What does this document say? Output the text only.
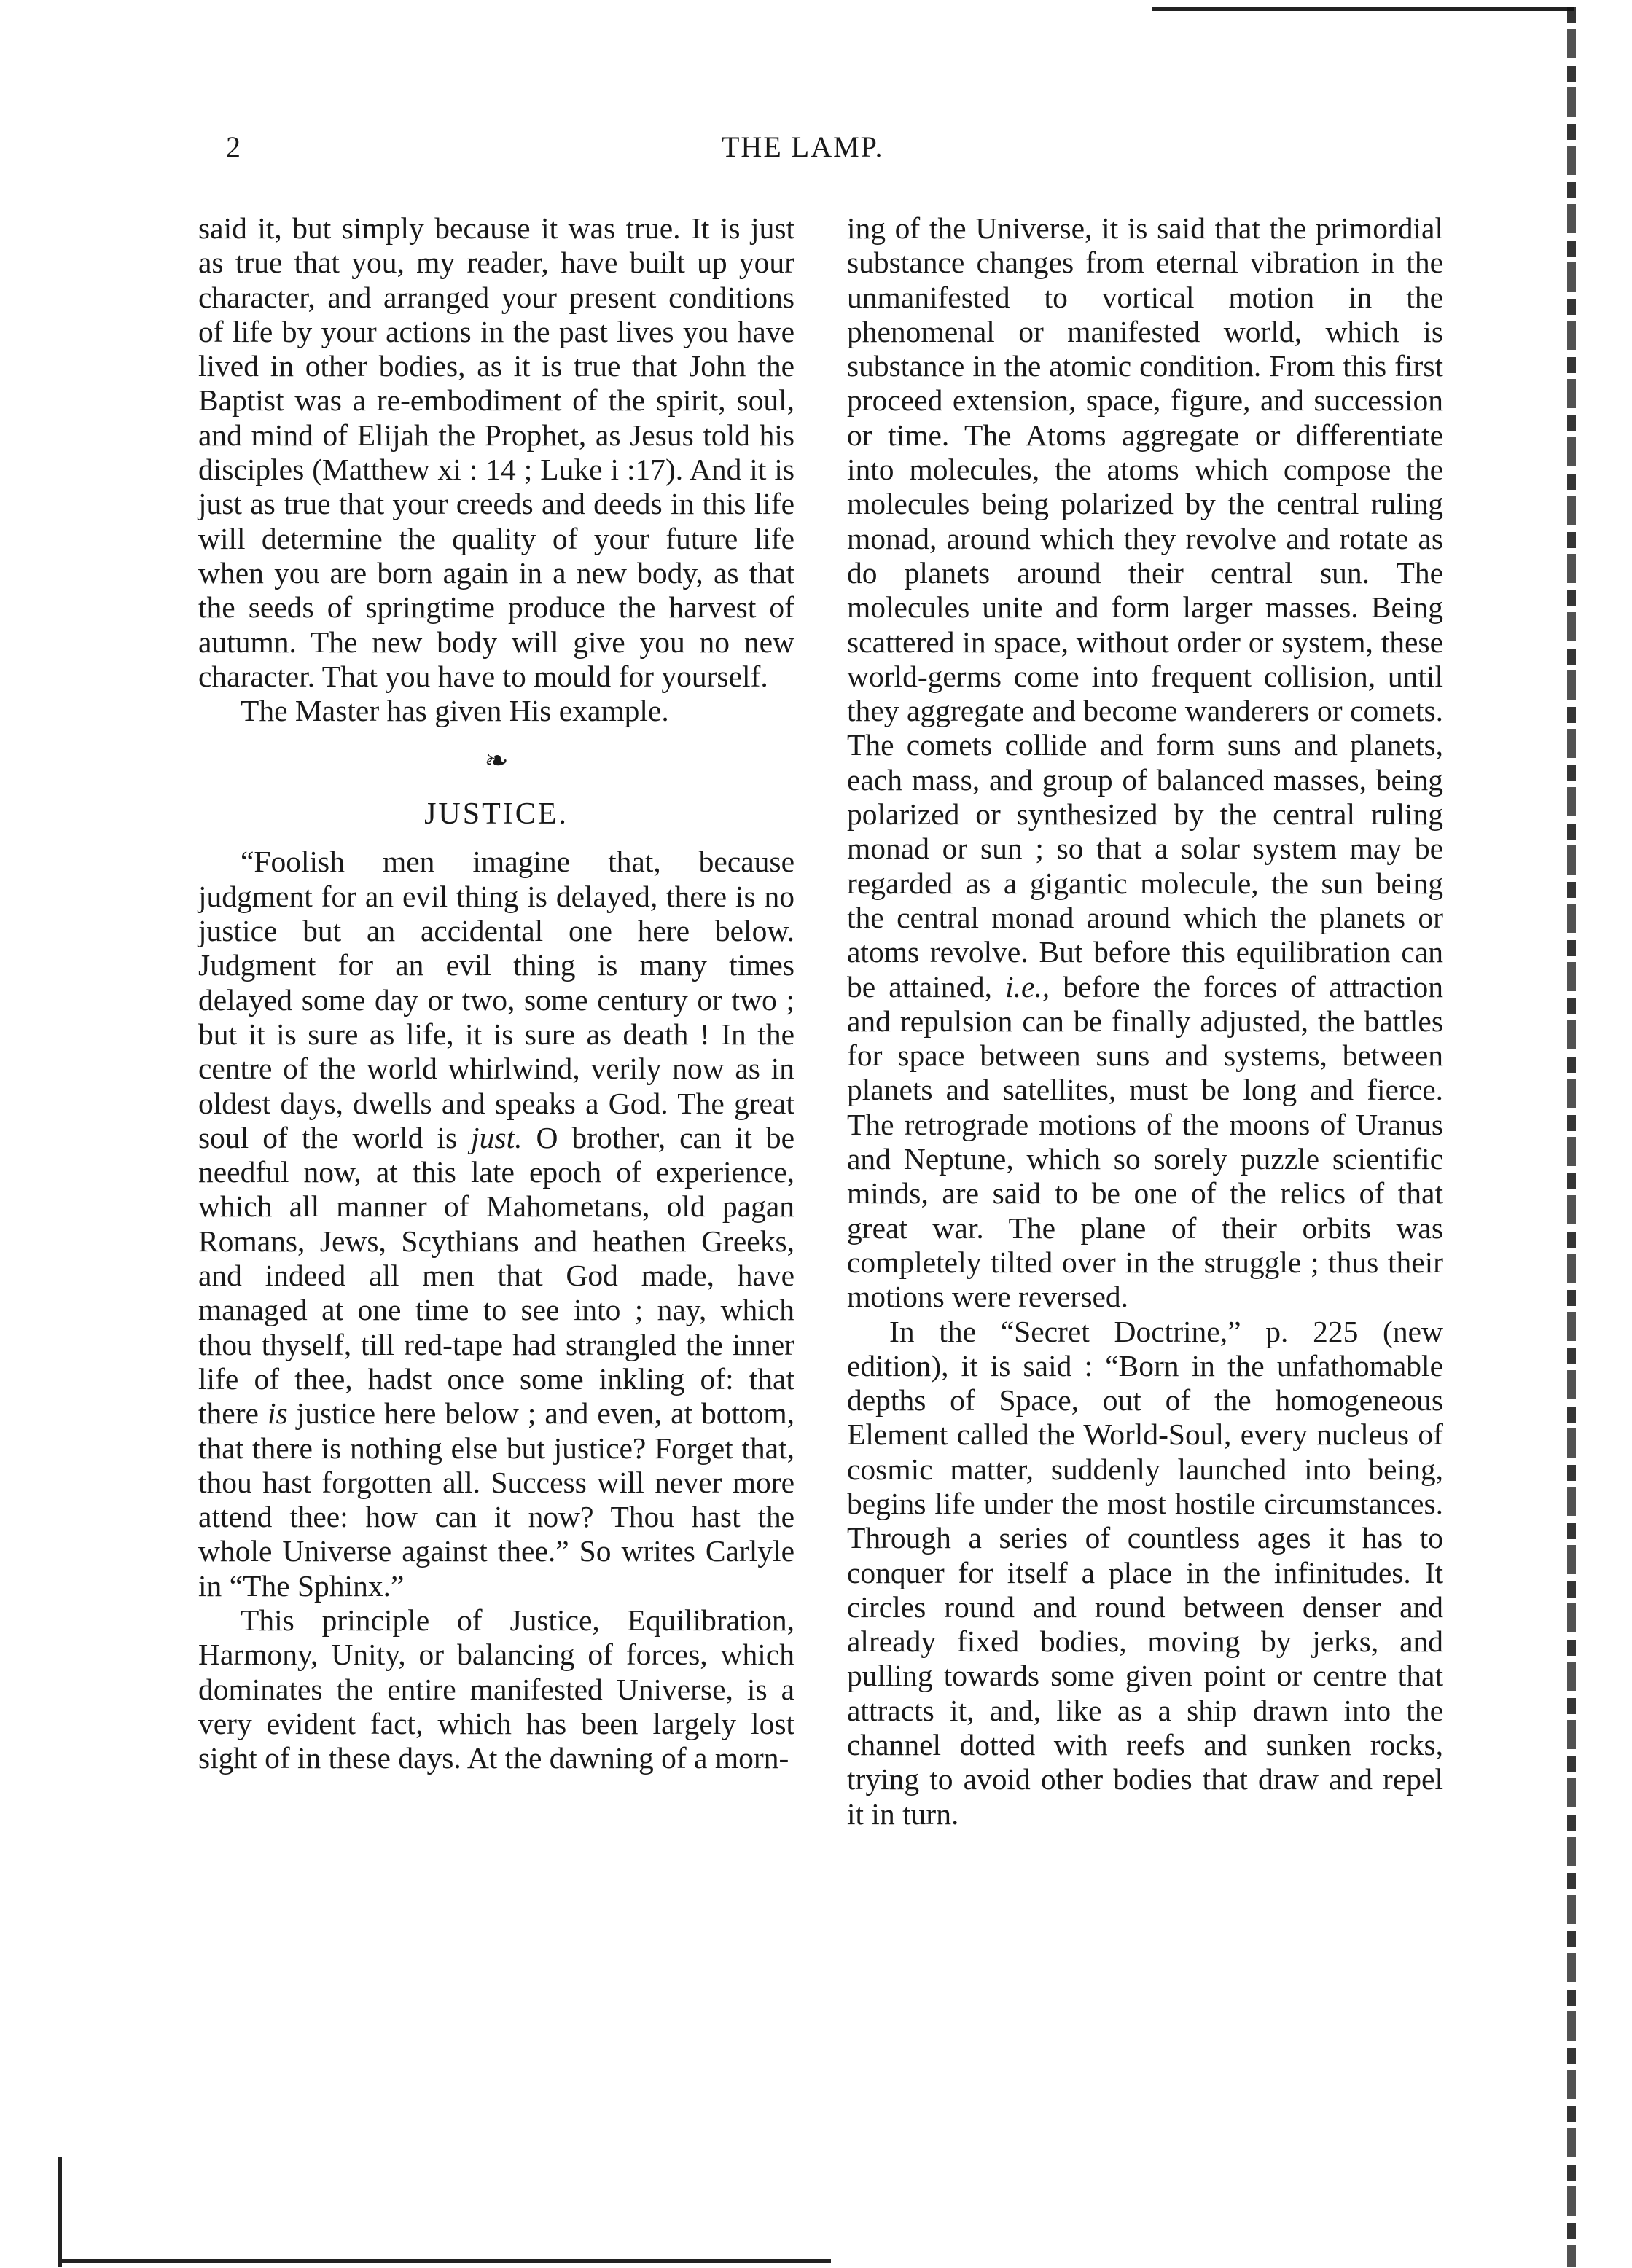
2	THE LAMP.

said it, but simply because it was true. It is just as true that you, my reader, have built up your character, and arranged your present conditions of life by your actions in the past lives you have lived in other bodies, as it is true that John the Baptist was a re-embodiment of the spirit, soul, and mind of Elijah the Prophet, as Jesus told his disciples (Matthew xi : 14 ; Luke i :17). And it is just as true that your creeds and deeds in this life will determine the quality of your future life when you are born again in a new body, as that the seeds of springtime produce the harvest of autumn. The new body will give you no new character. That you have to mould for yourself.

The Master has given His example.

❧
JUSTICE.

“Foolish men imagine that, because judgment for an evil thing is delayed, there is no justice but an accidental one here below. Judgment for an evil thing is many times delayed some day or two, some century or two ; but it is sure as life, it is sure as death ! In the centre of the world whirlwind, verily now as in oldest days, dwells and speaks a God. The great soul of the world is just. O brother, can it be needful now, at this late epoch of experience, which all manner of Mahometans, old pagan Romans, Jews, Scythians and heathen Greeks, and indeed all men that God made, have managed at one time to see into ; nay, which thou thyself, till red-tape had strangled the inner life of thee, hadst once some inkling of: that there is justice here below ; and even, at bottom, that there is nothing else but justice? Forget that, thou hast forgotten all. Success will never more attend thee: how can it now? Thou hast the whole Universe against thee.” So writes Carlyle in “The Sphinx.”

This principle of Justice, Equilibration, Harmony, Unity, or balancing of forces, which dominates the entire manifested Universe, is a very evident fact, which has been largely lost sight of in these days. At the dawning of a morn-

ing of the Universe, it is said that the primordial substance changes from eternal vibration in the unmanifested to vortical motion in the phenomenal or manifested world, which is substance in the atomic condition. From this first proceed extension, space, figure, and succession or time. The Atoms aggregate or differentiate into molecules, the atoms which compose the molecules being polarized by the central ruling monad, around which they revolve and rotate as do planets around their central sun. The molecules unite and form larger masses. Being scattered in space, without order or system, these world-germs come into frequent collision, until they aggregate and become wanderers or comets. The comets collide and form suns and planets, each mass, and group of balanced masses, being polarized or synthesized by the central ruling monad or sun ; so that a solar system may be regarded as a gigantic molecule, the sun being the central monad around which the planets or atoms revolve. But before this equilibration can be attained, i.e., before the forces of attraction and repulsion can be finally adjusted, the battles for space between suns and systems, between planets and satellites, must be long and fierce. The retrograde motions of the moons of Uranus and Neptune, which so sorely puzzle scientific minds, are said to be one of the relics of that great war. The plane of their orbits was completely tilted over in the struggle ; thus their motions were reversed.

In the “Secret Doctrine,” p. 225 (new edition), it is said : “Born in the unfathomable depths of Space, out of the homogeneous Element called the World-Soul, every nucleus of cosmic matter, suddenly launched into being, begins life under the most hostile circumstances. Through a series of countless ages it has to conquer for itself a place in the infinitudes. It circles round and round between denser and already fixed bodies, moving by jerks, and pulling towards some given point or centre that attracts it, and, like as a ship drawn into the channel dotted with reefs and sunken rocks, trying to avoid other bodies that draw and repel it in turn.
